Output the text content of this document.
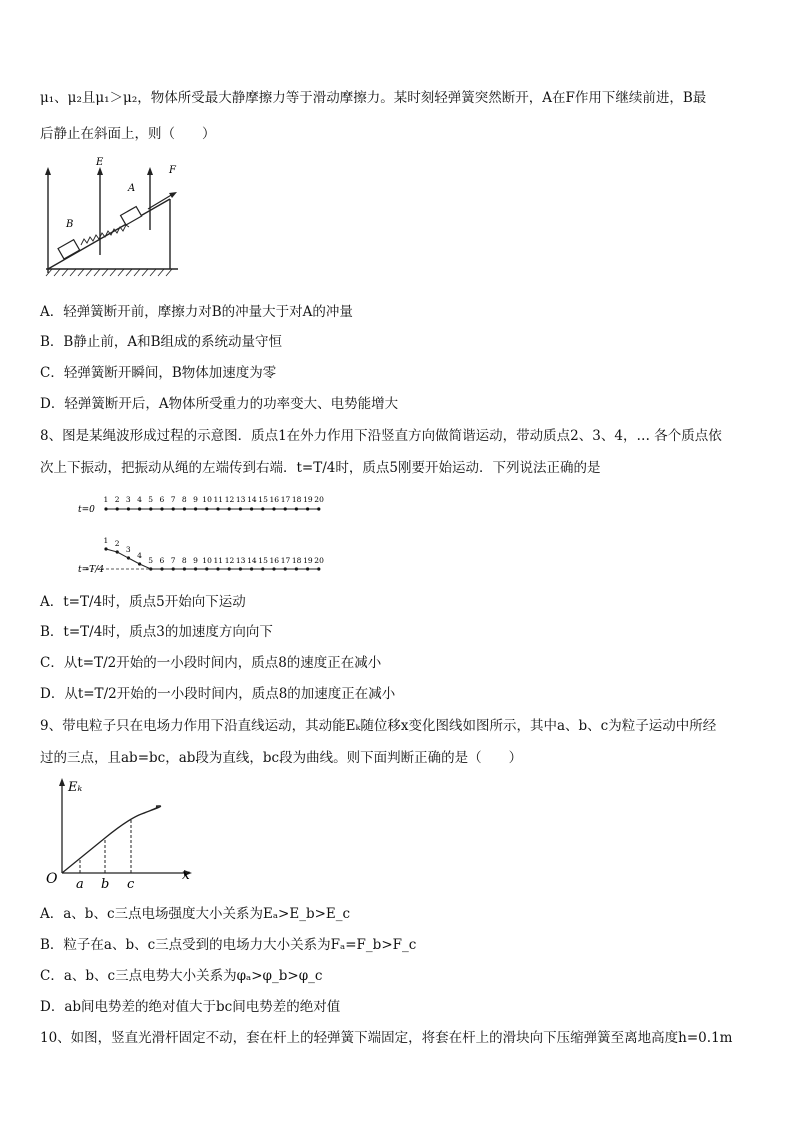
μ₁、μ₂且μ₁＞μ₂，物体所受最大静摩擦力等于滑动摩擦力。某时刻轻弹簧突然断开，A在F作用下继续前进，B最
后静止在斜面上，则（　　）
E
F
A
B
A．轻弹簧断开前，摩擦力对B的冲量大于对A的冲量
B．B静止前，A和B组成的系统动量守恒
C．轻弹簧断开瞬间，B物体加速度为零
D．轻弹簧断开后，A物体所受重力的功率变大、电势能增大
8、图是某绳波形成过程的示意图．质点1在外力作用下沿竖直方向做简谐运动，带动质点2、3、4，… 各个质点依
次上下振动，把振动从绳的左端传到右端．t=T/4时，质点5刚要开始运动．下列说法正确的是
t=0
t=T/4
1 2 3 4 5 6 7 8 9 10 11 12 13 14 15 16 17 18 19 20
1 2
3
4
5 6 7 8 9 10 11 12 13 14 15 16 17 18 19 20
A．t=T/4时，质点5开始向下运动
B．t=T/4时，质点3的加速度方向向下
C．从t=T/2开始的一小段时间内，质点8的速度正在减小
D．从t=T/2开始的一小段时间内，质点8的加速度正在减小
9、带电粒子只在电场力作用下沿直线运动，其动能Eₖ随位移x变化图线如图所示，其中a、b、c为粒子运动中所经
过的三点，且ab=bc，ab段为直线，bc段为曲线。则下面判断正确的是（　　）
Eₖ
x
O a b c
A．a、b、c三点电场强度大小关系为Eₐ>E_b>E_c
B．粒子在a、b、c三点受到的电场力大小关系为Fₐ=F_b>F_c
C．a、b、c三点电势大小关系为φₐ>φ_b>φ_c
D．ab间电势差的绝对值大于bc间电势差的绝对值
10、如图，竖直光滑杆固定不动，套在杆上的轻弹簧下端固定，将套在杆上的滑块向下压缩弹簧至离地高度h=0.1m
